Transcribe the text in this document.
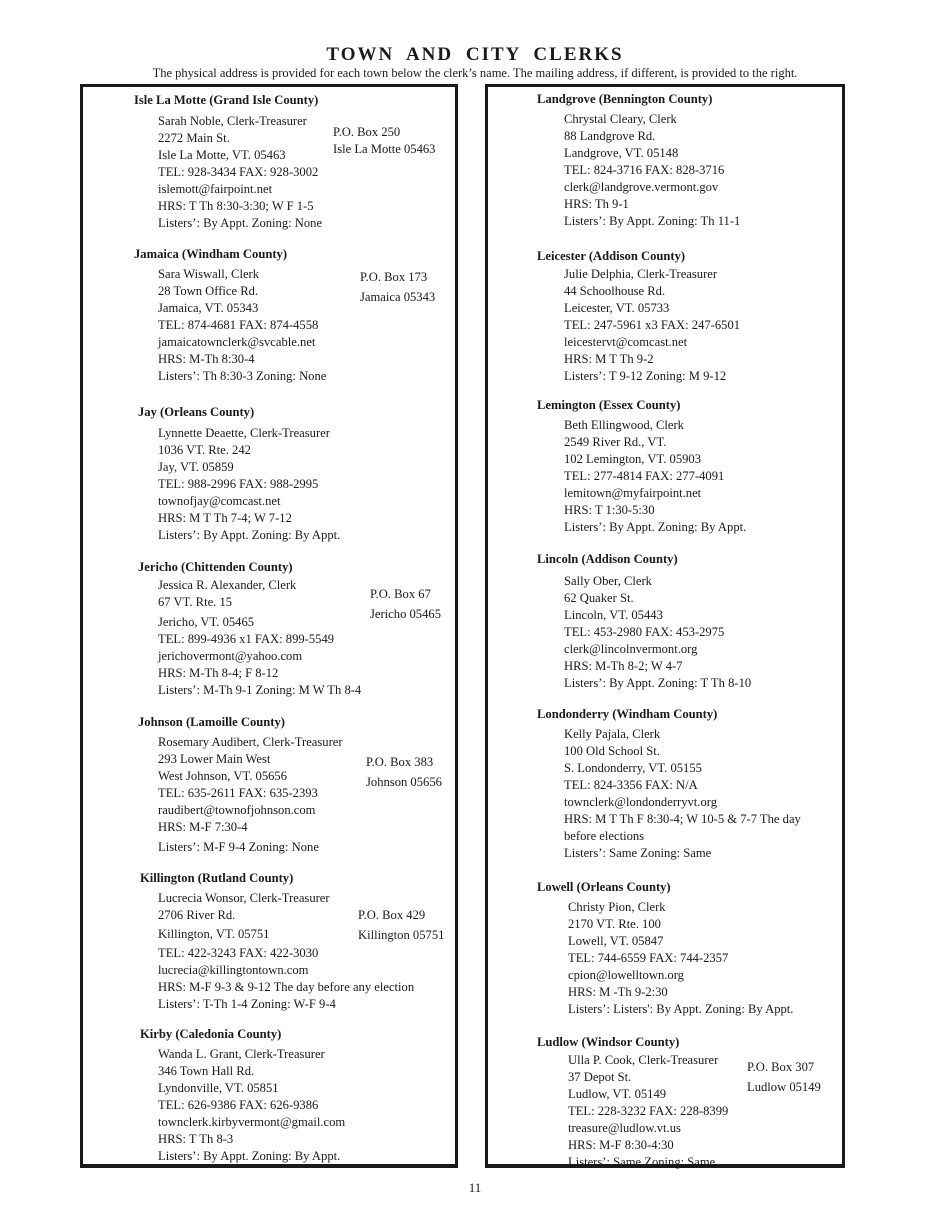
TOWN AND CITY CLERKS
The physical address is provided for each town below the clerk’s name. The mailing address, if different, is provided to the right.
Isle La Motte (Grand Isle County)
Sarah Noble, Clerk-Treasurer
2272 Main St.
Isle La Motte, VT. 05463
TEL: 928-3434 FAX: 928-3002
islemott@fairpoint.net
HRS: T Th 8:30-3:30; W F 1-5
Listers’: By Appt. Zoning: None
P.O. Box 250
Isle La Motte 05463
Jamaica (Windham County)
Sara Wiswall, Clerk
28 Town Office Rd.
Jamaica, VT. 05343
TEL: 874-4681 FAX: 874-4558
jamaicatownclerk@svcable.net
HRS: M-Th 8:30-4
Listers’: Th 8:30-3 Zoning: None
P.O. Box 173
Jamaica 05343
Jay (Orleans County)
Lynnette Deaette, Clerk-Treasurer
1036 VT. Rte. 242
Jay, VT. 05859
TEL: 988-2996 FAX: 988-2995
townofjay@comcast.net
HRS: M T Th 7-4; W 7-12
Listers’: By Appt. Zoning: By Appt.
Jericho (Chittenden County)
Jessica R. Alexander, Clerk
67 VT. Rte. 15
Jericho, VT. 05465
TEL: 899-4936 x1 FAX: 899-5549
jerichovermont@yahoo.com
HRS: M-Th 8-4; F 8-12
Listers’: M-Th 9-1 Zoning: M W Th 8-4
P.O. Box 67
Jericho 05465
Johnson (Lamoille County)
Rosemary Audibert, Clerk-Treasurer
293 Lower Main West
West Johnson, VT. 05656
TEL: 635-2611 FAX: 635-2393
raudibert@townofjohnson.com
HRS: M-F 7:30-4
Listers’: M-F 9-4 Zoning: None
P.O. Box 383
Johnson 05656
Killington (Rutland County)
Lucrecia Wonsor, Clerk-Treasurer
2706 River Rd.
Killington, VT. 05751
TEL: 422-3243 FAX: 422-3030
lucrecia@killingtontown.com
HRS: M-F 9-3 & 9-12 The day before any election
Listers’: T-Th 1-4 Zoning: W-F 9-4
P.O. Box 429
Killington 05751
Kirby (Caledonia County)
Wanda L. Grant, Clerk-Treasurer
346 Town Hall Rd.
Lyndonville, VT. 05851
TEL: 626-9386 FAX: 626-9386
townclerk.kirbyvermont@gmail.com
HRS: T Th 8-3
Listers’: By Appt. Zoning: By Appt.
Landgrove (Bennington County)
Chrystal Cleary, Clerk
88 Landgrove Rd.
Landgrove, VT. 05148
TEL: 824-3716 FAX: 828-3716
clerk@landgrove.vermont.gov
HRS: Th 9-1
Listers’: By Appt. Zoning: Th 11-1
Leicester (Addison County)
Julie Delphia, Clerk-Treasurer
44 Schoolhouse Rd.
Leicester, VT. 05733
TEL: 247-5961 x3 FAX: 247-6501
leicestervt@comcast.net
HRS: M T Th 9-2
Listers’: T 9-12 Zoning: M 9-12
Lemington (Essex County)
Beth Ellingwood, Clerk
2549 River Rd., VT.
102 Lemington, VT. 05903
TEL: 277-4814 FAX: 277-4091
lemitown@myfairpoint.net
HRS: T 1:30-5:30
Listers’: By Appt. Zoning: By Appt.
Lincoln (Addison County)
Sally Ober, Clerk
62 Quaker St.
Lincoln, VT. 05443
TEL: 453-2980 FAX: 453-2975
clerk@lincolnvermont.org
HRS: M-Th 8-2; W 4-7
Listers’: By Appt. Zoning: T Th 8-10
Londonderry (Windham County)
Kelly Pajala, Clerk
100 Old School St.
S. Londonderry, VT. 05155
TEL: 824-3356 FAX: N/A
townclerk@londonderryvt.org
HRS: M T Th F 8:30-4; W 10-5 & 7-7 The day
before elections
Listers’: Same Zoning: Same
Lowell (Orleans County)
Christy Pion, Clerk
2170 VT. Rte. 100
Lowell, VT. 05847
TEL: 744-6559 FAX: 744-2357
cpion@lowelltown.org
HRS: M -Th 9-2:30
Listers’: Listers': By Appt. Zoning: By Appt.
Ludlow (Windsor County)
Ulla P. Cook, Clerk-Treasurer
37 Depot St.
Ludlow, VT. 05149
TEL: 228-3232 FAX: 228-8399
treasure@ludlow.vt.us
HRS: M-F 8:30-4:30
Listers’: Same Zoning: Same
P.O. Box 307
Ludlow 05149
11
